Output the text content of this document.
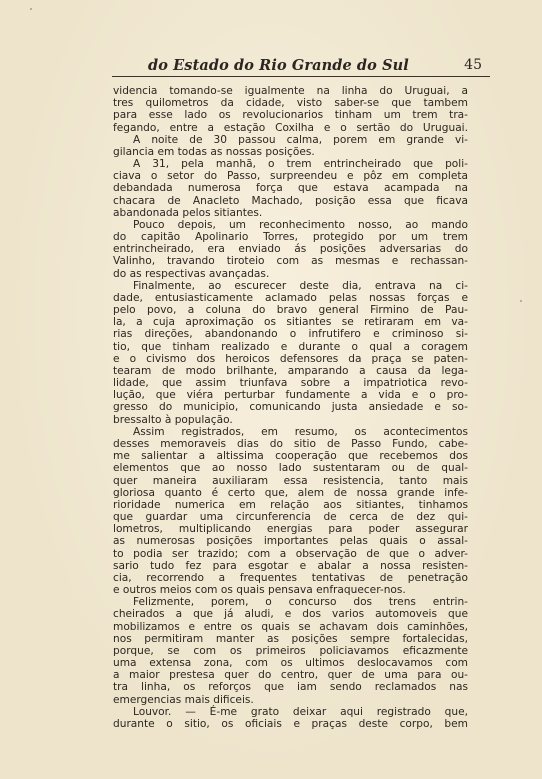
do Estado do Rio Grande do Sul	45
videncia tomando-se igualmente na linha do Uruguai, a
tres quilometros da cidade, visto saber-se que tambem
para esse lado os revolucionarios tinham um trem tra-
fegando, entre a estação Coxilha e o sertão do Uruguai.
A noite de 30 passou calma, porem em grande vi-
gilancia em todas as nossas posições.
A 31, pela manhã, o trem entrincheirado que poli-
ciava o setor do Passo, surpreendeu e pôz em completa
debandada numerosa força que estava acampada na
chacara de Anacleto Machado, posição essa que ficava
abandonada pelos sitiantes.
Pouco depois, um reconhecimento nosso, ao mando
do capitão Apolinario Torres, protegido por um trem
entrincheirado, era enviado ás posições adversarias do
Valinho, travando tiroteio com as mesmas e rechassan-
do as respectivas avançadas.
Finalmente, ao escurecer deste dia, entrava na ci-
dade, entusiasticamente aclamado pelas nossas forças e
pelo povo, a coluna do bravo general Firmino de Pau-
la, a cuja aproximação os sitiantes se retiraram em va-
rias direções, abandonando o infrutifero e criminoso si-
tio, que tinham realizado e durante o qual a coragem
e o civismo dos heroicos defensores da praça se paten-
tearam de modo brilhante, amparando a causa da lega-
lidade, que assim triunfava sobre a impatriotica revo-
lução, que viéra perturbar fundamente a vida e o pro-
gresso do municipio, comunicando justa ansiedade e so-
bressalto à população.
Assim registrados, em resumo, os acontecimentos
desses memoraveis dias do sitio de Passo Fundo, cabe-
me salientar a altissima cooperação que recebemos dos
elementos que ao nosso lado sustentaram ou de qual-
quer maneira auxiliaram essa resistencia, tanto mais
gloriosa quanto é certo que, alem de nossa grande infe-
rioridade numerica em relação aos sitiantes, tinhamos
que guardar uma circunferencia de cerca de dez qui-
lometros, multiplicando energias para poder assegurar
as numerosas posições importantes pelas quais o assal-
to podia ser trazido; com a observação de que o adver-
sario tudo fez para esgotar e abalar a nossa resisten-
cia, recorrendo a frequentes tentativas de penetração
e outros meios com os quais pensava enfraquecer-nos.
Felizmente, porem, o concurso dos trens entrin-
cheirados a que já aludi, e dos varios automoveis que
mobilizamos e entre os quais se achavam dois caminhões,
nos permitiram manter as posições sempre fortalecidas,
porque, se com os primeiros policiavamos eficazmente
uma extensa zona, com os ultimos deslocavamos com
a maior prestesa quer do centro, quer de uma para ou-
tra linha, os reforços que iam sendo reclamados nas
emergencias mais dificeis.
Louvor. — É-me grato deixar aqui registrado que,
durante o sitio, os oficiais e praças deste corpo, bem
